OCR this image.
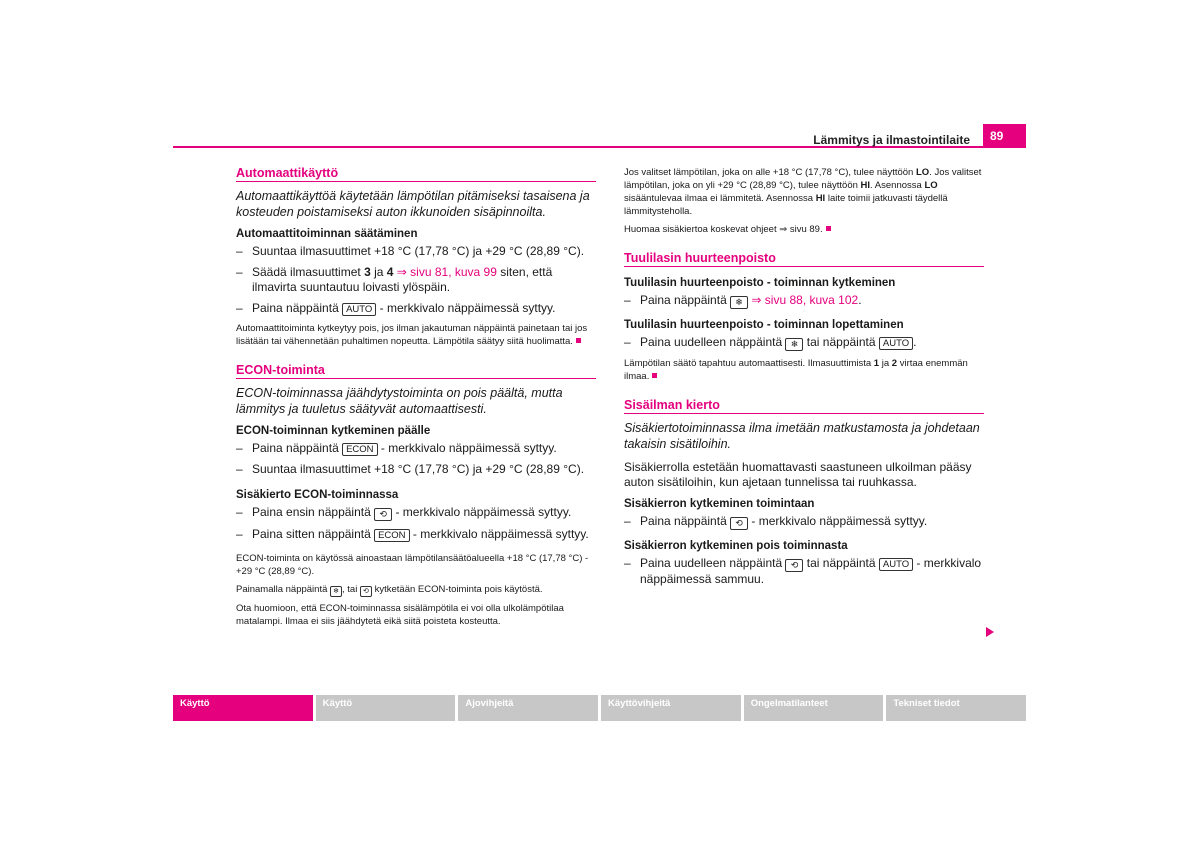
Lämmitys ja ilmastointilaite	89
Automaattikäyttö

Automaattikäyttöä käytetään lämpötilan pitämiseksi tasaisena ja kosteuden poistamiseksi auton ikkunoiden sisäpinnoilta.

Automaattitoiminnan säätäminen
– Suuntaa ilmasuuttimet +18 °C (17,78 °C) ja +29 °C (28,89 °C).
– Säädä ilmasuuttimet 3 ja 4 ⇒ sivu 81, kuva 99 siten, että ilmavirta suuntautuu loivasti ylöspäin.
– Paina näppäintä AUTO - merkkivalo näppäimessä syttyy.

Automaattitoiminta kytkeytyy pois, jos ilman jakautuman näppäintä painetaan tai jos lisätään tai vähennetään puhaltimen nopeutta. Lämpötila säätyy siitä huolimatta.

ECON-toiminta

ECON-toiminnassa jäähdytystoiminta on pois päältä, mutta lämmitys ja tuuletus säätyvät automaattisesti.

ECON-toiminnan kytkeminen päälle
– Paina näppäintä ECON - merkkivalo näppäimessä syttyy.
– Suuntaa ilmasuuttimet +18 °C (17,78 °C) ja +29 °C (28,89 °C).
Sisäkierto ECON-toiminnassa
– Paina ensin näppäintä ⟲ - merkkivalo näppäimessä syttyy.
– Paina sitten näppäintä ECON - merkkivalo näppäimessä syttyy.

ECON-toiminta on käytössä ainoastaan lämpötilansäätöalueella +18 °C (17,78 °C) - +29 °C (28,89 °C).

Painamalla näppäintä ❄ , tai ⟲ kytketään ECON-toiminta pois käytöstä.

Ota huomioon, että ECON-toiminnassa sisälämpötila ei voi olla ulkolämpötilaa matalampi. Ilmaa ei siis jäähdytetä eikä siitä poisteta kosteutta.

Jos valitset lämpötilan, joka on alle +18 °C (17,78 °C), tulee näyttöön LO. Jos valitset lämpötilan, joka on yli +29 °C (28,89 °C), tulee näyttöön HI. Asennossa LO sisääntulevaa ilmaa ei lämmitetä. Asennossa HI laite toimii jatkuvasti täydellä lämmitysteholla.

Huomaa sisäkiertoa koskevat ohjeet ⇒ sivu 89.

Tuulilasin huurteenpoisto
Tuulilasin huurteenpoisto - toiminnan kytkeminen
– Paina näppäintä ❄ ⇒ sivu 88, kuva 102.
Tuulilasin huurteenpoisto - toiminnan lopettaminen
– Paina uudelleen näppäintä ❄ tai näppäintä AUTO .

Lämpötilan säätö tapahtuu automaattisesti. Ilmasuuttimista 1 ja 2 virtaa enemmän ilmaa.

Sisäilman kierto

Sisäkiertotoiminnassa ilma imetään matkustamosta ja johdetaan takaisin sisätiloihin.

Sisäkierrolla estetään huomattavasti saastuneen ulkoilman pääsy auton sisätiloihin, kun ajetaan tunnelissa tai ruuhkassa.

Sisäkierron kytkeminen toimintaan
– Paina näppäintä ⟲ - merkkivalo näppäimessä syttyy.
Sisäkierron kytkeminen pois toiminnasta
– Paina uudelleen näppäintä ⟲ tai näppäintä AUTO - merkkivalo näppäimessä sammuu.
Käyttö	Käyttö	Ajovihjeitä	Käyttövihjeitä	Ongelmatilanteet	Tekniset tiedot
